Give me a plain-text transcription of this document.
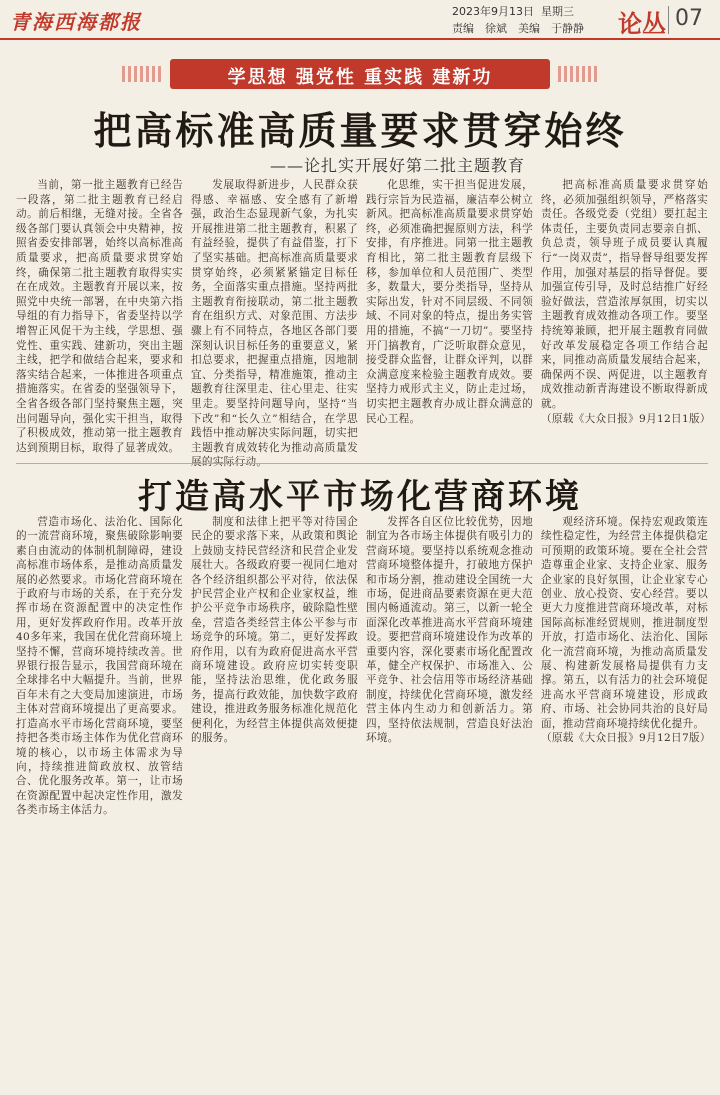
青海西海都报	2023年9月13日 星期三
责编　徐斌　美编　于静静 论丛 07
学思想 强党性 重实践 建新功
把高标准高质量要求贯穿始终
——论扎实开展好第二批主题教育

当前，第一批主题教育已经告一段落，第二批主题教育已经启动。前后相继，无缝对接。全省各级各部门要认真领会中央精神，按照省委安排部署，始终以高标准高质量要求，把高质量要求贯穿始终，确保第二批主题教育取得实实在在成效。主题教育开展以来，按照党中央统一部署，在中央第六指导组的有力指导下，省委坚持以学增智正风促干为主线，学思想、强党性、重实践、建新功，突出主题主线，把学和做结合起来，要求和落实结合起来，一体推进各项重点措施落实。在省委的坚强领导下，全省各级各部门坚持聚焦主题，突出问题导向，强化实干担当，取得了积极成效，推动第一批主题教育达到预期目标，取得了显著成效。

发展取得新进步，人民群众获得感、幸福感、安全感有了新增强，政治生态显现新气象，为扎实开展推进第二批主题教育，积累了有益经验，提供了有益借鉴，打下了坚实基础。把高标准高质量要求贯穿始终，必须紧紧锚定目标任务，全面落实重点措施。坚持两批主题教育衔接联动，第二批主题教育在组织方式、对象范围、方法步骤上有不同特点，各地区各部门要深刻认识目标任务的重要意义，紧扣总要求，把握重点措施，因地制宜、分类指导，精准施策，推动主题教育往深里走、往心里走、往实里走。要坚持问题导向，坚持“当下改”和“长久立”相结合，在学思践悟中推动解决实际问题，切实把主题教育成效转化为推动高质量发

化思维，实干担当促进发展，践行宗旨为民造福，廉洁奉公树立新风。把高标准高质量要求贯穿始终，必须准确把握原则方法，科学安排，有序推进。同第一批主题教育相比，第二批主题教育层级下移，参加单位和人员范围广、类型多，数量大，要分类指导，坚持从实际出发，针对不同层级、不同领域、不同对象的特点，提出务实管用的措施，不搞“一刀切”。要坚持开门搞教育，广泛听取群众意见，接受群众监督，让群众评判，以群众满意度来检验主题教育成效。要坚持力戒形式主义，防止走过场，切实把主题教育办成让群众满意的民心工程。

把高标准高质量要求贯穿始终，必须加强组织领导，严格落实责任。各级党委（党组）要扛起主体责任，主要负责同志要亲自抓、负总责，领导班子成员要认真履行“一岗双责”，指导督导组要发挥作用，加强对基层的指导督促。要加强宣传引导，及时总结推广好经验好做法，营造浓厚氛围，切实以主题教育成效推动各项工作。要坚持统筹兼顾，把开展主题教育同做好改革发展稳定各项工作结合起来，同推动高质量发展结合起来，确保两不误、两促进，以主题教育成效推动新青海建设不断取得新成就。

（原载《大众日报》9月12日1版）
打造高水平市场化营商环境

营造市场化、法治化、国际化的一流营商环境，聚焦破除影响要素自由流动的体制机制障碍，建设高标准市场体系，是推动高质量发展的必然要求。市场化营商环境在于政府与市场的关系，在于充分发挥市场在资源配置中的决定性作用，更好发挥政府作用。改革开放40多年来，我国在优化营商环境上坚持不懈，营商环境持续改善。世界银行报告显示，我国营商环境在全球排名中大幅提升。当前，世界百年未有之大变局加速演进，市场主体对营商环境提出了更高要求。打造高水平市场化营商环境，要坚持把各类市场主体作为优化营商环境的核心，以市场主体需求为导向，持续推进简政放权、放管结合、优化服务改革。第一，让市场在资源配置中起决定性作用，激发各类市场主体活力。

制度和法律上把平等对待国企民企的要求落下来，从政策和舆论上鼓励支持民营经济和民营企业发展壮大。各级政府要一视同仁地对各个经济组织都公平对待，依法保护民营企业产权和企业家权益，维护公平竞争市场秩序，破除隐性壁垒，营造各类经营主体公平参与市场竞争的环境。第二，更好发挥政府作用，以有为政府促进高水平营商环境建设。政府应切实转变职能，坚持法治思维，优化政务服务，提高行政效能，加快数字政府建设，推进政务服务标准化规范化便利化，为经营主体提供高效便捷的服务。

发挥各自区位比较优势，因地制宜为各市场主体提供有吸引力的营商环境。要坚持以系统观念推动营商环境整体提升，打破地方保护和市场分割，推动建设全国统一大市场，促进商品要素资源在更大范围内畅通流动。第三，以新一轮全面深化改革推进高水平营商环境建设。要把营商环境建设作为改革的重要内容，深化要素市场化配置改革，健全产权保护、市场准入、公平竞争、社会信用等市场经济基础制度，持续优化营商环境，激发经营主体内生动力和创新活力。第四，坚持依法规制，营造良好法治环境。

观经济环境。保持宏观政策连续性稳定性，为经营主体提供稳定可预期的政策环境。要在全社会营造尊重企业家、支持企业家、服务企业家的良好氛围，让企业家专心创业、放心投资、安心经营。要以更大力度推进营商环境改革，对标国际高标准经贸规则，推进制度型开放，打造市场化、法治化、国际化一流营商环境，为推动高质量发展、构建新发展格局提供有力支撑。第五，以有活力的社会环境促进高水平营商环境建设，形成政府、市场、社会协同共治的良好局面，推动营商环境持续优化提升。

（原载《大众日报》9月12日7版）
